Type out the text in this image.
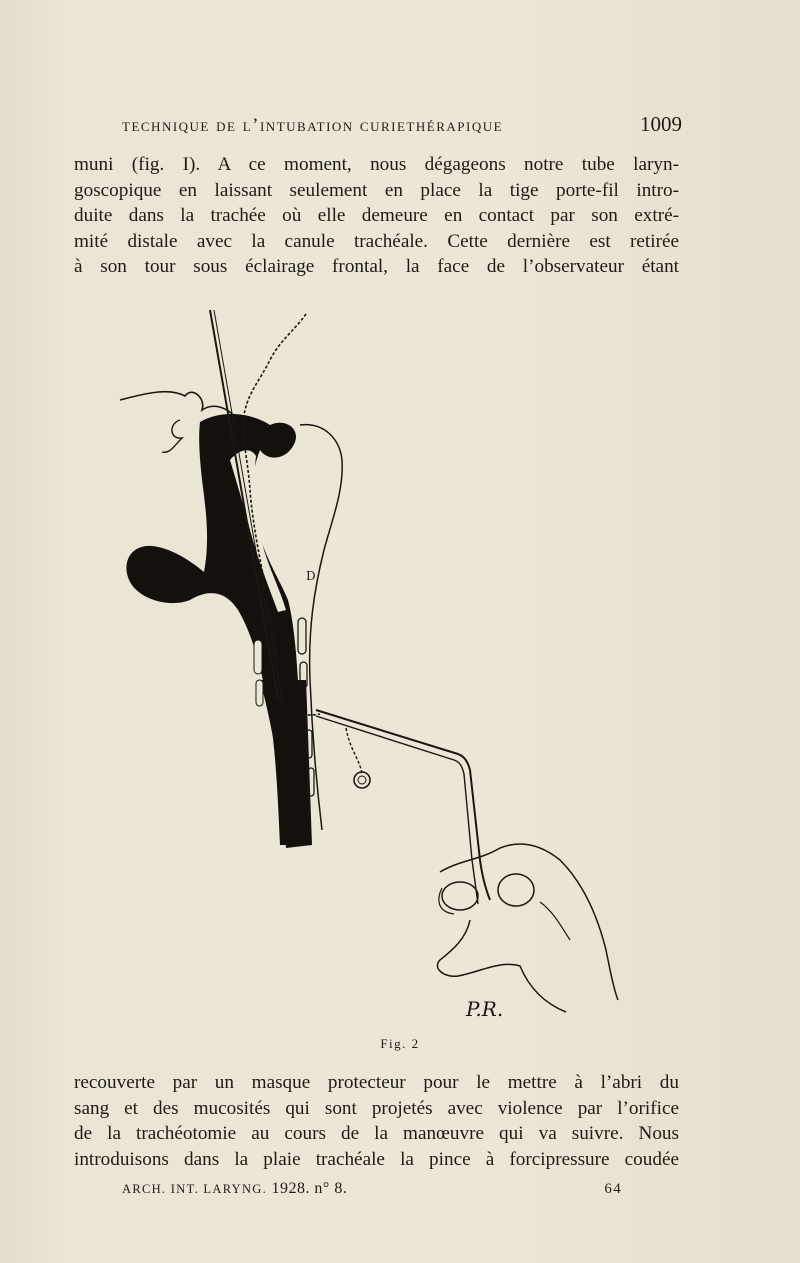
technique de l’intubation curiethérapique	1009

muni (fig. I). A ce moment, nous dégageons notre tube laryn-

goscopique en laissant seulement en place la tige porte-fil intro-

duite dans la trachée où elle demeure en contact par son extré-

mité distale avec la canule trachéale. Cette dernière est retirée

à son tour sous éclairage frontal, la face de l’observateur étant

D
P.R.
Fig. 2

recouverte par un masque protecteur pour le mettre à l’abri du

sang et des mucosités qui sont projetés avec violence par l’orifice

de la trachéotomie au cours de la manœuvre qui va suivre. Nous

introduisons dans la plaie trachéale la pince à forcipressure coudée

ARCH. INT. LARYNG. 1928. n° 8.	64
